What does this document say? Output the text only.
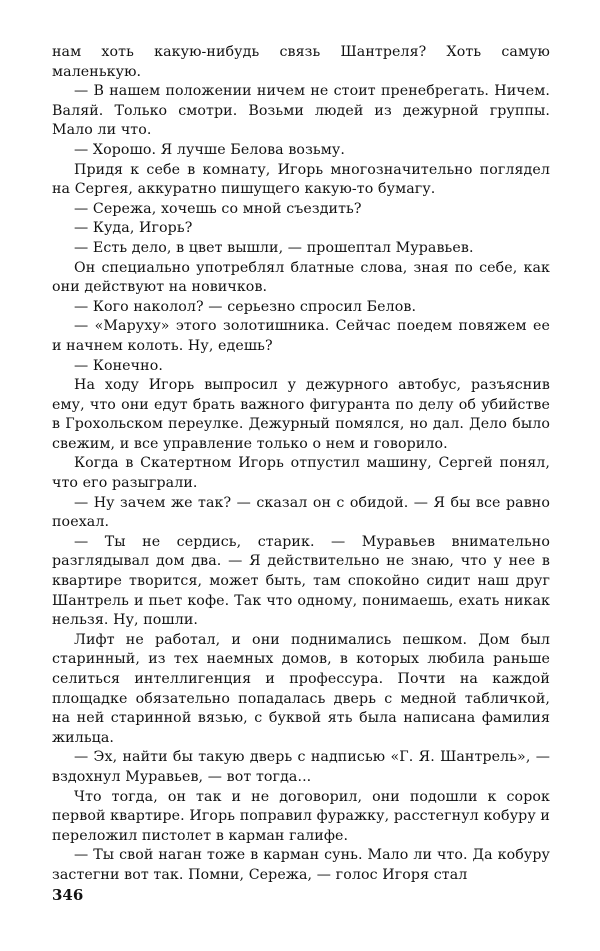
нам хоть какую-нибудь связь Шантреля? Хоть самую маленькую.

— В нашем положении ничем не стоит пренебрегать. Ничем. Валяй. Только смотри. Возьми людей из дежурной группы. Мало ли что.

— Хорошо. Я лучше Белова возьму.

Придя к себе в комнату, Игорь многозначительно поглядел на Сергея, аккуратно пишущего какую-то бумагу.

— Сережа, хочешь со мной съездить?

— Куда, Игорь?

— Есть дело, в цвет вышли, — прошептал Муравьев.

Он специально употреблял блатные слова, зная по себе, как они действуют на новичков.

— Кого наколол? — серьезно спросил Белов.

— «Маруху» этого золотишника. Сейчас поедем повяжем ее и начнем колоть. Ну, едешь?

— Конечно.

На ходу Игорь выпросил у дежурного автобус, разъяснив ему, что они едут брать важного фигуранта по делу об убийстве в Грохольском переулке. Дежурный помялся, но дал. Дело было свежим, и все управление только о нем и говорило.

Когда в Скатертном Игорь отпустил машину, Сергей понял, что его разыграли.

— Ну зачем же так? — сказал он с обидой. — Я бы все равно поехал.

— Ты не сердись, старик. — Муравьев внимательно разглядывал дом два. — Я действительно не знаю, что у нее в квартире творится, может быть, там спокойно сидит наш друг Шантрель и пьет кофе. Так что одному, понимаешь, ехать никак нельзя. Ну, пошли.

Лифт не работал, и они поднимались пешком. Дом был старинный, из тех наемных домов, в которых любила раньше селиться интеллигенция и профессура. Почти на каждой площадке обязательно попадалась дверь с медной табличкой, на ней старинной вязью, с буквой ять была написана фамилия жильца.

— Эх, найти бы такую дверь с надписью «Г. Я. Шантрель», — вздохнул Муравьев, — вот тогда...

Что тогда, он так и не договорил, они подошли к сорок первой квартире. Игорь поправил фуражку, расстегнул кобуру и переложил пистолет в карман галифе.

— Ты свой наган тоже в карман сунь. Мало ли что. Да кобуру застегни вот так. Помни, Сережа, — голос Игоря стал

346
